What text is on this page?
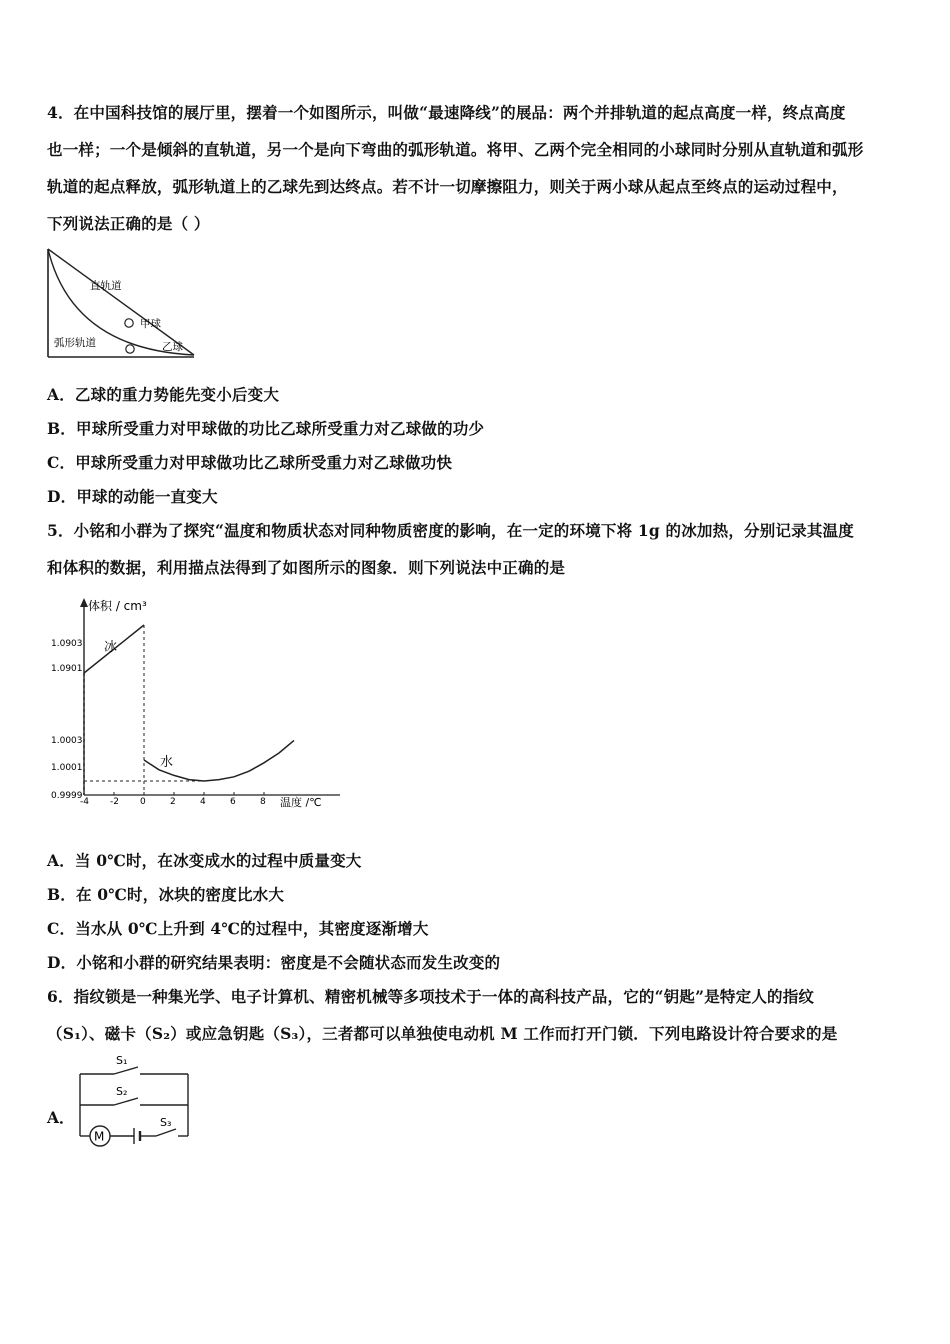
4．在中国科技馆的展厅里，摆着一个如图所示，叫做“最速降线”的展品：两个并排轨道的起点高度一样，终点高度
也一样；一个是倾斜的直轨道，另一个是向下弯曲的弧形轨道。将甲、乙两个完全相同的小球同时分别从直轨道和弧形
轨道的起点释放，弧形轨道上的乙球先到达终点。若不计一切摩擦阻力，则关于两小球从起点至终点的运动过程中，
下列说法正确的是（ ）
直轨道
甲球
弧形轨道	乙球
A．乙球的重力势能先变小后变大
B．甲球所受重力对甲球做的功比乙球所受重力对乙球做的功少
C．甲球所受重力对甲球做功比乙球所受重力对乙球做功快
D．甲球的动能一直变大
5．小铭和小群为了探究“温度和物质状态对同种物质密度的影响，在一定的环境下将 1g 的冰加热，分别记录其温度
和体积的数据，利用描点法得到了如图所示的图象．则下列说法中正确的是
体积 / cm³
温度 /℃
1.0903
1.0901
1.0003
1.0001
0.9999
-4 -2 0	2	4	6	8
冰
水
A．当 0℃时，在冰变成水的过程中质量变大
B．在 0℃时，冰块的密度比水大
C．当水从 0℃上升到 4℃的过程中，其密度逐渐增大
D．小铭和小群的研究结果表明：密度是不会随状态而发生改变的
6．指纹锁是一种集光学、电子计算机、精密机械等多项技术于一体的高科技产品，它的“钥匙”是特定人的指纹
（S₁）、磁卡（S₂）或应急钥匙（S₃），三者都可以单独使电动机 M 工作而打开门锁．下列电路设计符合要求的是
A．
S₁
S₂
M
S₃
